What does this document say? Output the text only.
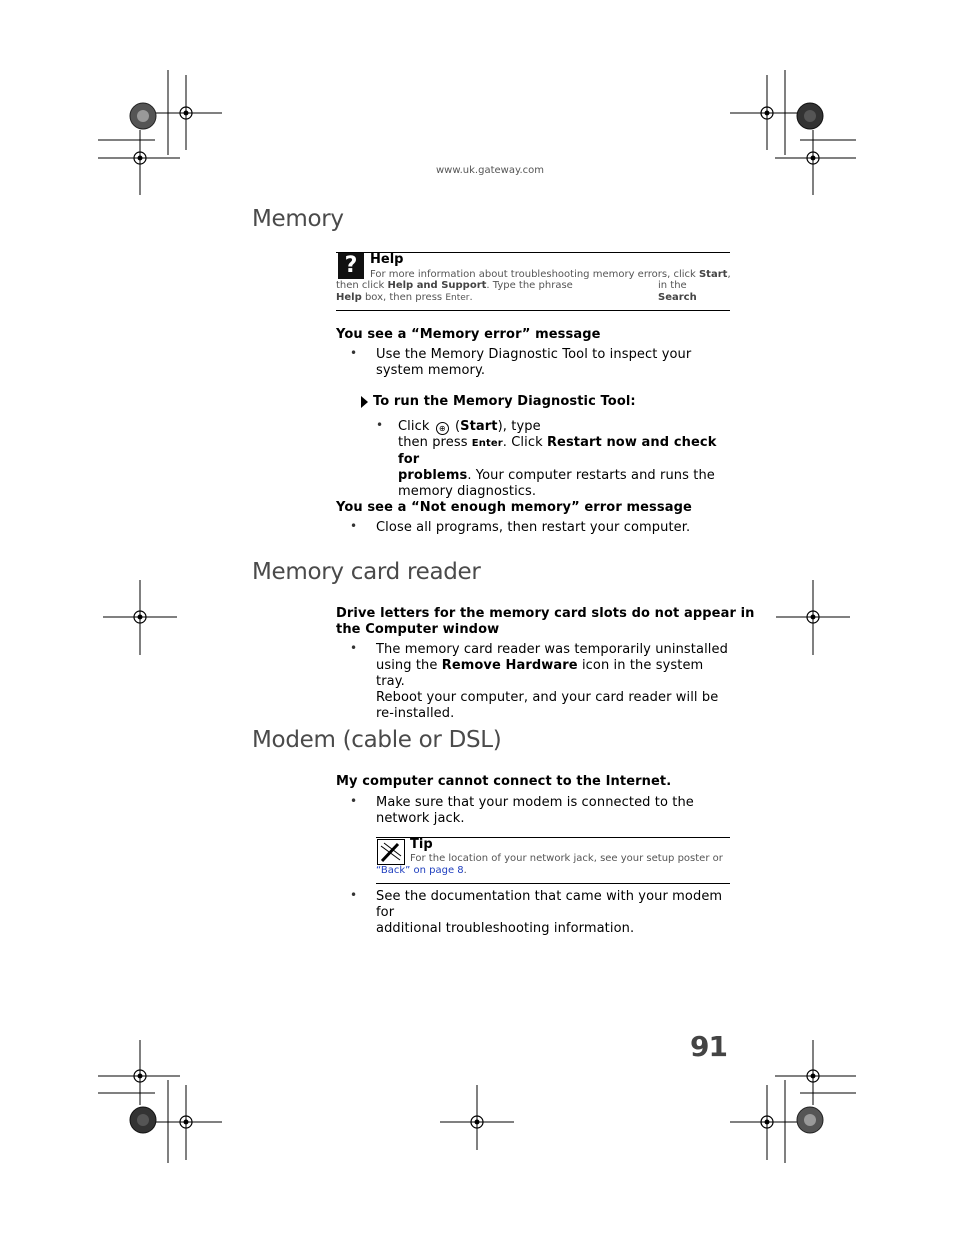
www.uk.gateway.com
Memory
? Help
For more information about troubleshooting memory errors, click Start,
then click Help and Support. Type the phrase	in the Search
Help box, then press Enter.
You see a “Memory error” message
• Use the Memory Diagnostic Tool to inspect your system memory.
To run the Memory Diagnostic Tool:
• Click ⊕ (Start), type
then press Enter. Click Restart now and check for
problems. Your computer restarts and runs the
memory diagnostics.
You see a “Not enough memory” error message
• Close all programs, then restart your computer.
Memory card reader
Drive letters for the memory card slots do not appear in
the Computer window
• The memory card reader was temporarily uninstalled
using the Remove Hardware icon in the system tray.
Reboot your computer, and your card reader will be
re-installed.
Modem (cable or DSL)
My computer cannot connect to the Internet.
• Make sure that your modem is connected to the
network jack.
Tip
For the location of your network jack, see your setup poster or
“Back” on page 8.
• See the documentation that came with your modem for
additional troubleshooting information.
91
